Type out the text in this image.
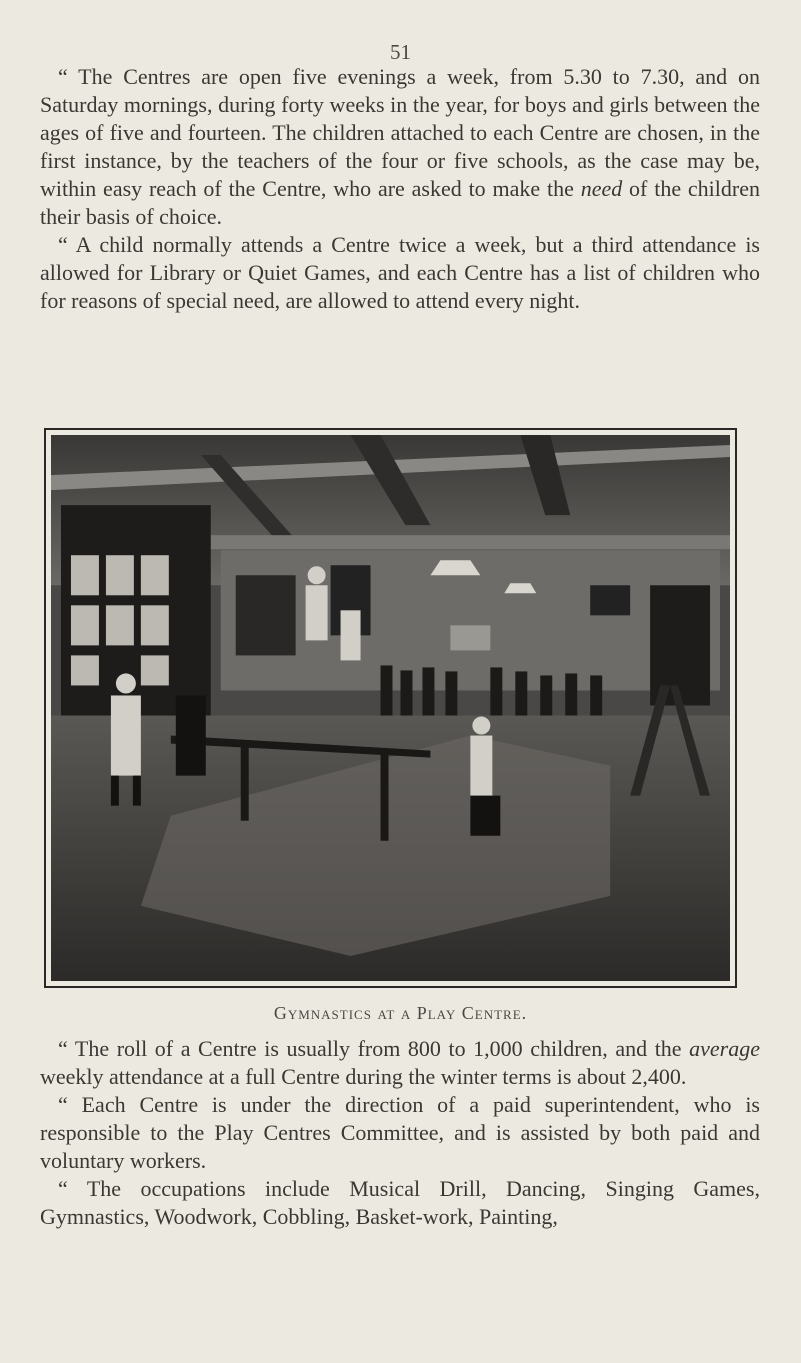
51

“ The Centres are open five evenings a week, from 5.30 to 7.30, and on Saturday mornings, during forty weeks in the year, for boys and girls between the ages of five and fourteen. The children attached to each Centre are chosen, in the first instance, by the teachers of the four or five schools, as the case may be, within easy reach of the Centre, who are asked to make the need of the children their basis of choice.

“ A child normally attends a Centre twice a week, but a third attendance is allowed for Library or Quiet Games, and each Centre has a list of children who for reasons of special need, are allowed to attend every night.

Gymnastics at a Play Centre.

“ The roll of a Centre is usually from 800 to 1,000 children, and the average weekly attendance at a full Centre during the winter terms is about 2,400.

“ Each Centre is under the direction of a paid superintendent, who is responsible to the Play Centres Committee, and is assisted by both paid and voluntary workers.

“ The occupations include Musical Drill, Dancing, Singing Games, Gymnastics, Woodwork, Cobbling, Basket-work, Painting,
